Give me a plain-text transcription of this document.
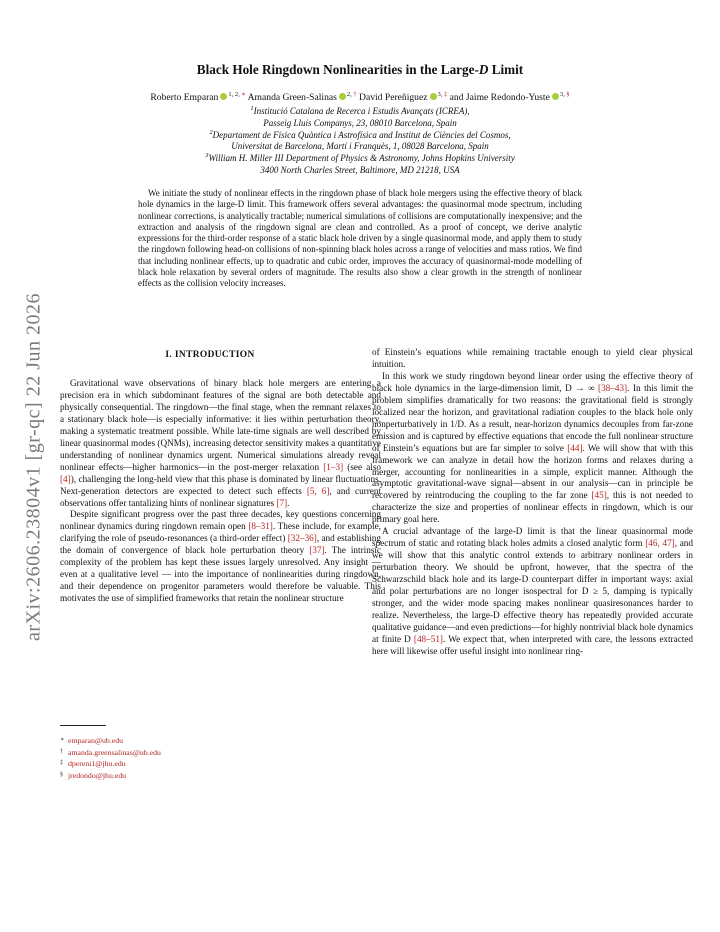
arXiv:2606.23804v1 [gr-qc] 22 Jun 2026
Black Hole Ringdown Nonlinearities in the Large-D Limit
Roberto Emparan $^{1, 2, ∗}$ Amanda Green-Salinas $^{2, \dagger}$ David Pereñiguez $^{3, \ddagger}$ and Jaime Redondo-Yuste $^{3, \S}$
$^1$Institució Catalana de Recerca i Estudis Avançats (ICREA),
Passeig Lluis Companys, 23, 08010 Barcelona, Spain
$^2$Departament de Física Quàntica i Astrofísica and Institut de Ciències del Cosmos,
Universitat de Barcelona, Martí i Franquès, 1, 08028 Barcelona, Spain
$^3$William H. Miller III Department of Physics & Astronomy, Johns Hopkins University
3400 North Charles Street, Baltimore, MD 21218, USA

We initiate the study of nonlinear effects in the ringdown phase of black hole mergers using the effective theory of black hole dynamics in the large-D limit. This framework offers several advantages: the quasinormal mode spectrum, including nonlinear corrections, is analytically tractable; numerical simulations of collisions are computationally inexpensive; and the extraction and analysis of the ringdown signal are clean and controlled. As a proof of concept, we derive analytic expressions for the third-order response of a static black hole driven by a single quasinormal mode, and apply them to study the ringdown following head-on collisions of non-spinning black holes across a range of velocities and mass ratios. We find that including nonlinear effects, up to quadratic and cubic order, improves the accuracy of quasinormal-mode modelling of black hole relaxation by several orders of magnitude. The results also show a clear growth in the strength of nonlinear effects as the collision velocity increases.

I. INTRODUCTION

Gravitational wave observations of binary black hole mergers are entering a precision era in which subdominant features of the signal are both detectable and physically consequential. The ringdown—the final stage, when the remnant relaxes to a stationary black hole—is especially informative: it lies within perturbation theory, making a systematic treatment possible. While late-time signals are well described by linear quasinormal modes (QNMs), increasing detector sensitivity makes a quantitative understanding of nonlinear dynamics urgent. Numerical simulations already reveal nonlinear effects—higher harmonics—in the post-merger relaxation [1–3] (see also [4]), challenging the long-held view that this phase is dominated by linear fluctuations. Next-generation detectors are expected to detect such effects [5, 6], and current observations offer tantalizing hints of nonlinear signatures [7].

Despite significant progress over the past three decades, key questions concerning nonlinear dynamics during ringdown remain open [8–31]. These include, for example, clarifying the role of pseudo-resonances (a third-order effect) [32–36], and establishing the domain of convergence of black hole perturbation theory [37]. The intrinsic complexity of the problem has kept these issues largely unresolved. Any insight — even at a qualitative level — into the importance of nonlinearities during ringdown, and their dependence on progenitor parameters would therefore be valuable. This motivates the use of simplified frameworks that retain the nonlinear structure

of Einstein’s equations while remaining tractable enough to yield clear physical intuition.

In this work we study ringdown beyond linear order using the effective theory of black hole dynamics in the large-dimension limit, D → ∞ [38–43]. In this limit the problem simplifies dramatically for two reasons: the gravitational field is strongly localized near the horizon, and gravitational radiation couples to the black hole only nonperturbatively in 1/D. As a result, near-horizon dynamics decouples from far-zone emission and is captured by effective equations that encode the full nonlinear structure of Einstein’s equations but are far simpler to solve [44]. We will show that with this framework we can analyze in detail how the horizon forms and relaxes during a merger, accounting for nonlinearities in a simple, explicit manner. Although the asymptotic gravitational-wave signal—absent in our analysis—can in principle be recovered by reintroducing the coupling to the far zone [45], this is not needed to characterize the size and properties of nonlinear effects in ringdown, which is our primary goal here.

A crucial advantage of the large-D limit is that the linear quasinormal mode spectrum of static and rotating black holes admits a closed analytic form [46, 47], and we will show that this analytic control extends to arbitrary nonlinear orders in perturbation theory. We should be upfront, however, that the spectra of the Schwarzschild black hole and its large-D counterpart differ in important ways: axial and polar perturbations are no longer isospectral for D ≥ 5, damping is typically stronger, and the wider mode spacing makes nonlinear quasiresonances harder to realize. Nevertheless, the large-D effective theory has repeatedly provided accurate qualitative guidance—and even predictions—for highly nontrivial black hole dynamics at finite D [48–51]. We expect that, when interpreted with care, the lessons extracted here will likewise offer useful insight into nonlinear ring-

∗ emparan@ub.edu
† amanda.greensalinas@ub.edu
‡ dpereni1@jhu.edu
§ jredondo@jhu.edu
